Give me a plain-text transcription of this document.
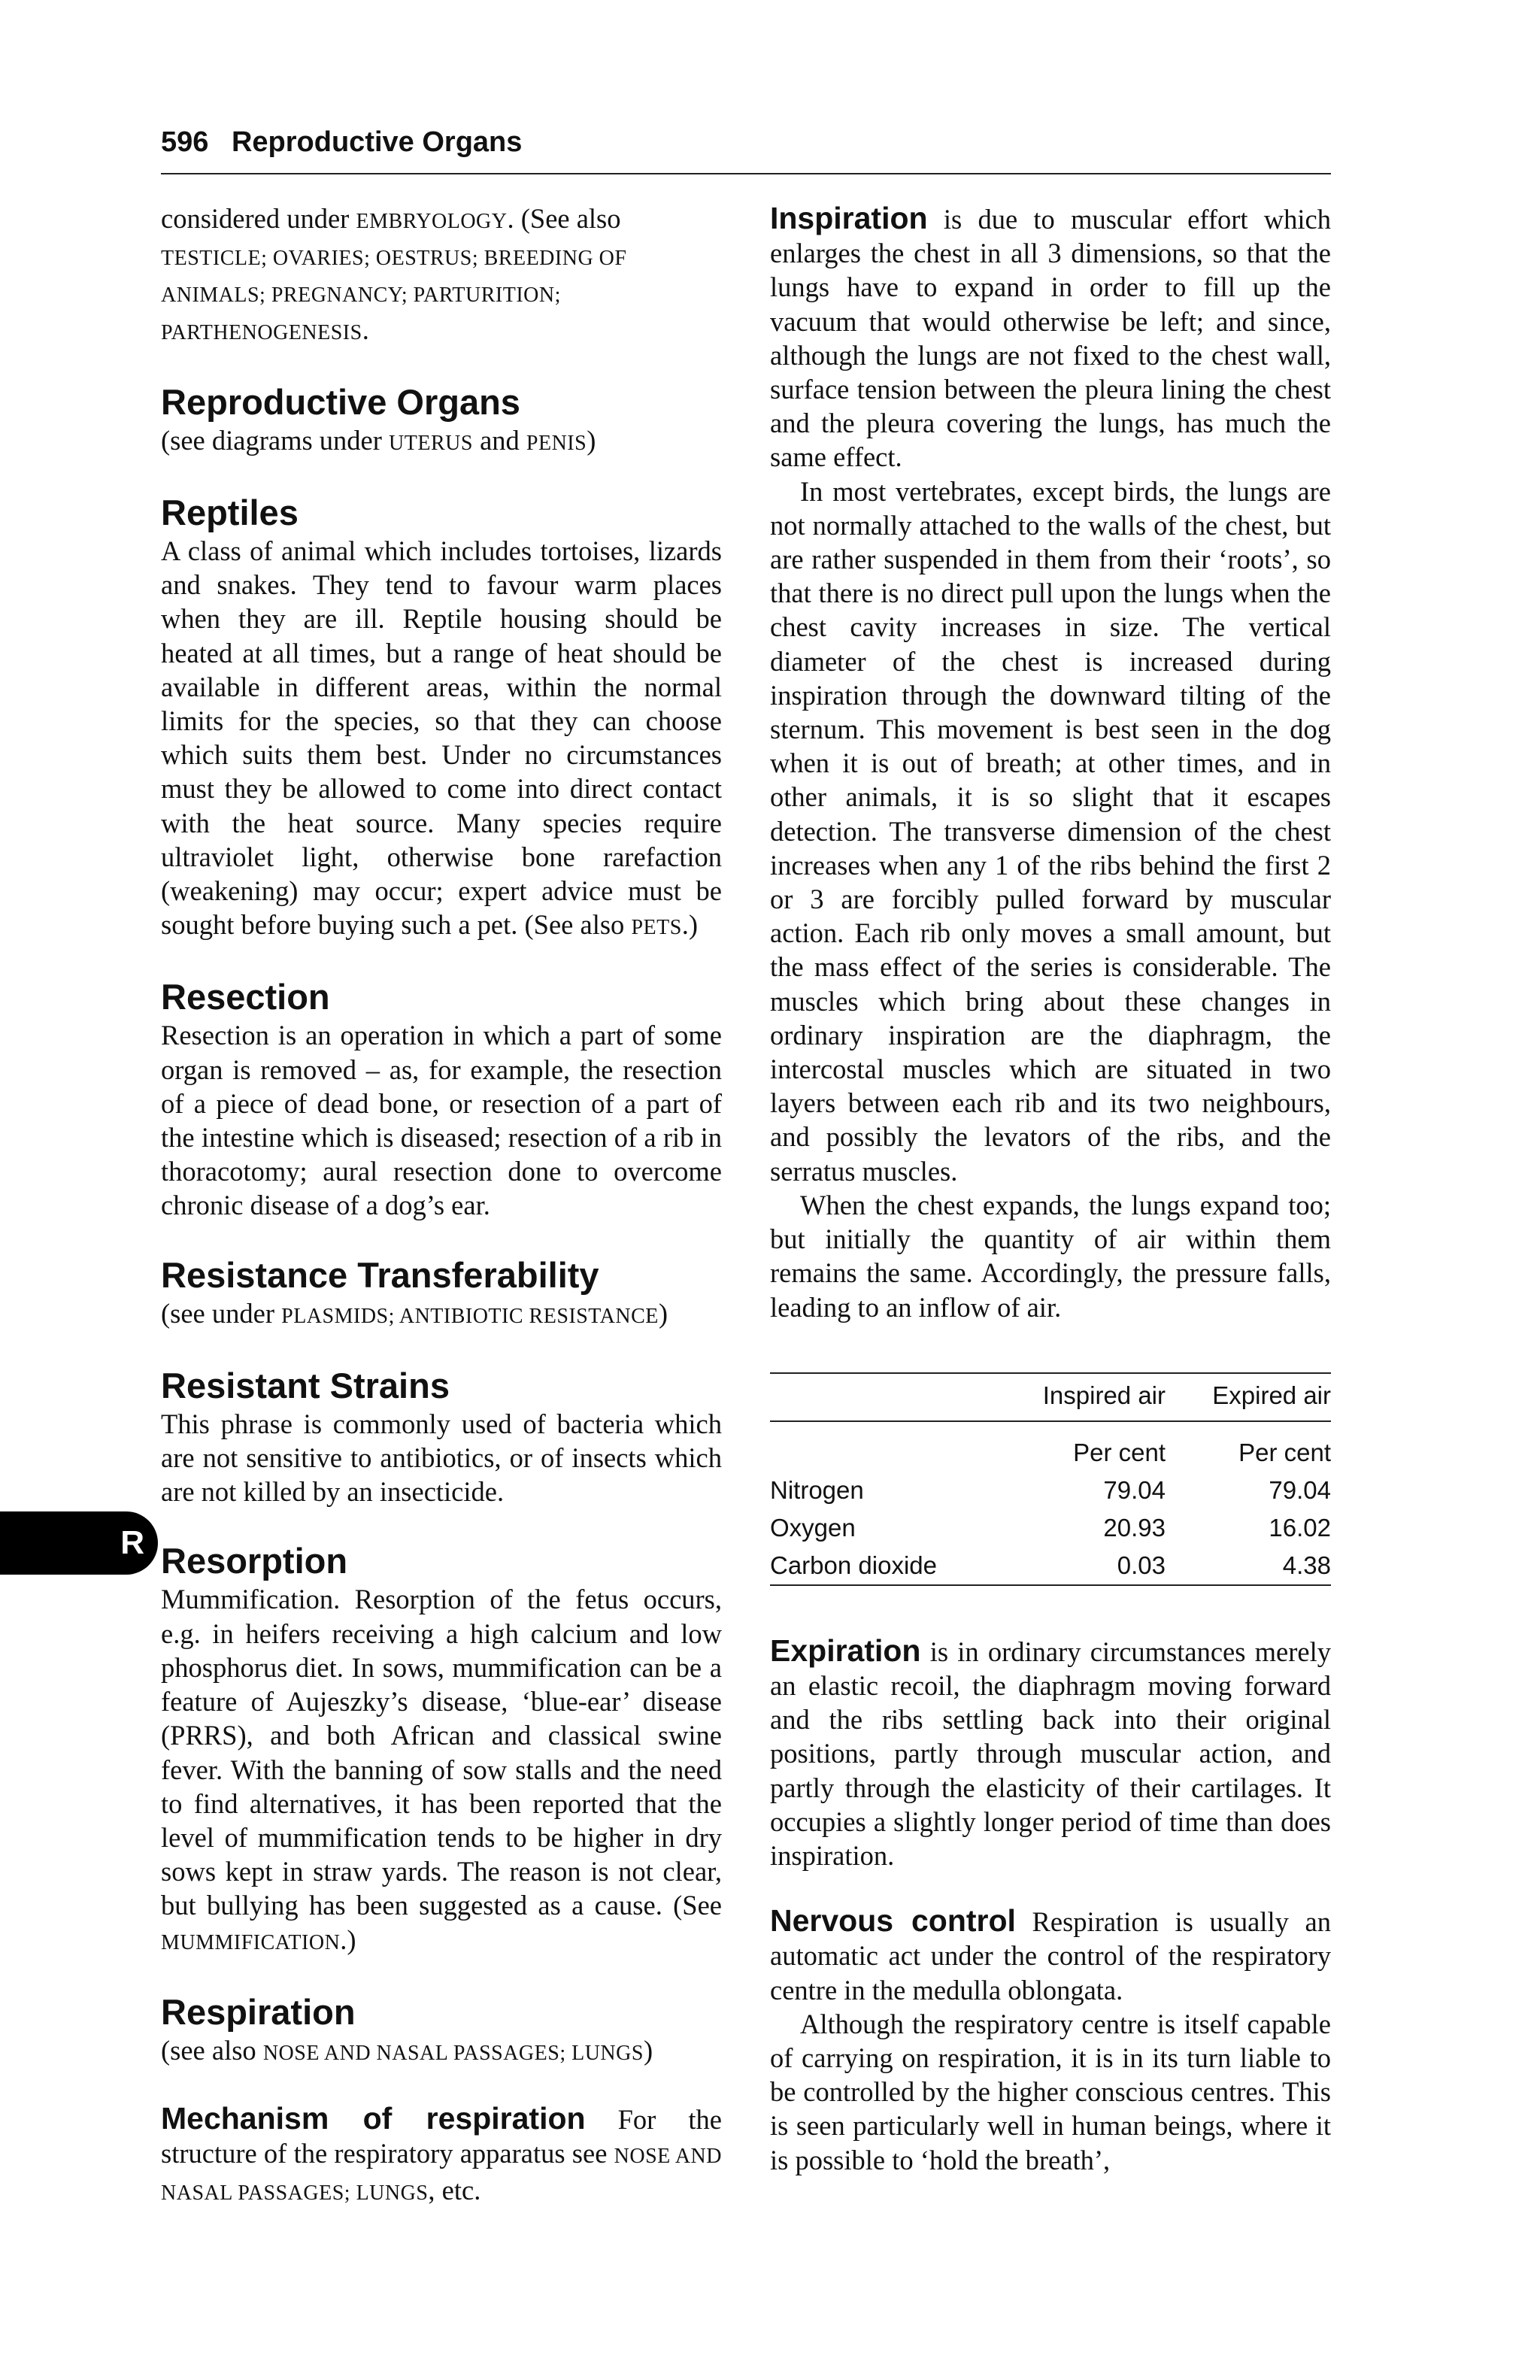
596 Reproductive Organs
R

considered under EMBRYOLOGY. (See also TESTICLE; OVARIES; OESTRUS; BREEDING OF ANIMALS; PREGNANCY; PARTURITION; PARTHENOGENESIS.

Reproductive Organs

(see diagrams under UTERUS and PENIS)

Reptiles

A class of animal which includes tortoises, lizards and snakes. They tend to favour warm places when they are ill. Reptile housing should be heated at all times, but a range of heat should be available in different areas, within the normal limits for the species, so that they can choose which suits them best. Under no circumstances must they be allowed to come into direct contact with the heat source. Many species require ultraviolet light, otherwise bone rarefaction (weakening) may occur; expert advice must be sought before buying such a pet. (See also PETS.)

Resection

Resection is an operation in which a part of some organ is removed – as, for example, the resection of a piece of dead bone, or resection of a part of the intestine which is diseased; resection of a rib in thoracotomy; aural resection done to overcome chronic disease of a dog’s ear.

Resistance Transferability

(see under PLASMIDS; ANTIBIOTIC RESISTANCE)

Resistant Strains

This phrase is commonly used of bacteria which are not sensitive to antibiotics, or of insects which are not killed by an insecticide.

Resorption

Mummification. Resorption of the fetus occurs, e.g. in heifers receiving a high calcium and low phosphorus diet. In sows, mummification can be a feature of Aujeszky’s disease, ‘blue-ear’ disease (PRRS), and both African and classical swine fever. With the banning of sow stalls and the need to find alternatives, it has been reported that the level of mummification tends to be higher in dry sows kept in straw yards. The reason is not clear, but bullying has been suggested as a cause. (See MUMMIFICATION.)

Respiration

(see also NOSE AND NASAL PASSAGES; LUNGS)

Mechanism of respiration For the structure of the respiratory apparatus see NOSE AND NASAL PASSAGES; LUNGS, etc.

Inspiration is due to muscular effort which enlarges the chest in all 3 dimensions, so that the lungs have to expand in order to fill up the vacuum that would otherwise be left; and since, although the lungs are not fixed to the chest wall, surface tension between the pleura lining the chest and the pleura covering the lungs, has much the same effect.

In most vertebrates, except birds, the lungs are not normally attached to the walls of the chest, but are rather suspended in them from their ‘roots’, so that there is no direct pull upon the lungs when the chest cavity increases in size. The vertical diameter of the chest is increased during inspiration through the downward tilting of the sternum. This movement is best seen in the dog when it is out of breath; at other times, and in other animals, it is so slight that it escapes detection. The transverse dimension of the chest increases when any 1 of the ribs behind the first 2 or 3 are forcibly pulled forward by muscular action. Each rib only moves a small amount, but the mass effect of the series is considerable. The muscles which bring about these changes in ordinary inspiration are the diaphragm, the intercostal muscles which are situated in two layers between each rib and its two neighbours, and possibly the levators of the ribs, and the serratus muscles.

When the chest expands, the lungs expand too; but initially the quantity of air within them remains the same. Accordingly, the pressure falls, leading to an inflow of air.

	Inspired air	Expired air
	Per cent	Per cent
Nitrogen	79.04	79.04
Oxygen	20.93	16.02
Carbon dioxide	0.03	4.38

Expiration is in ordinary circumstances merely an elastic recoil, the diaphragm moving forward and the ribs settling back into their original positions, partly through muscular action, and partly through the elasticity of their cartilages. It occupies a slightly longer period of time than does inspiration.

Nervous control Respiration is usually an automatic act under the control of the respiratory centre in the medulla oblongata.

Although the respiratory centre is itself capable of carrying on respiration, it is in its turn liable to be controlled by the higher conscious centres. This is seen particularly well in human beings, where it is possible to ‘hold the breath’,
